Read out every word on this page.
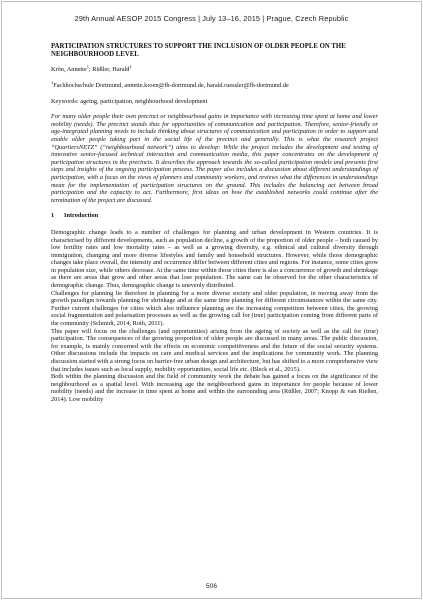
29th Annual AESOP 2015 Congress | July 13–16, 2015 | Prague, Czech Republic
PARTICIPATION STRUCTURES TO SUPPORT THE INCLUSION OF OLDER PEOPLE ON THE NEIGHBOURHOOD LEVEL
Krön, Annette$^1$; Rüßler, Harald$^1$
$^1$Fachhochschule Dortmund, annette.kroen@fh-dortmund.de, harald.ruessler@fh-dortmund.de
Keywords: ageing, participation, neighbourhood development
For many older people their own precinct or neighbourhood gains in importance with increasing time spent at home and lower mobility (needs). The precinct stands thus for opportunities of communication and participation. Therefore, senior-friendly or age-integrated planning needs to include thinking about structures of communication and participation in order to support and enable older people taking part in the social life of the precinct and generally. This is what the research project “QuartiersNETZ” (“neighbourhood network”) aims to develop: While the project includes the development and testing of innovative senior-focused technical interaction and communication media, this paper concentrates on the development of participation structures in the precincts. It describes the approach towards the so-called participation models and presents first steps and insights of the ongoing participation process. The paper also includes a discussion about different understandings of participation, with a focus on the views of planners and community workers, and reviews what the differences in understandings mean for the implementation of participation structures on the ground. This includes the balancing act between broad participation and the capacity to act. Furthermore, first ideas on how the established networks could continue after the termination of the project are discussed.
1 Introduction
Demographic change leads to a number of challenges for planning and urban development in Western countries. It is characterised by different developments, such as population decline, a growth of the proportion of older people – both caused by low fertility rates and low mortality rates – as well as a growing diversity, e.g. ethnical and cultural diversity through immigration, changing and more diverse lifestyles and family and household structures. However, while those demographic changes take place overall, the intensity and occurrence differ between different cities and regions. For instance, some cities grow in population size, while others decrease. At the same time within those cities there is also a concurrence of growth and shrinkage as there are areas that grow and other areas that lose population. The same can be observed for the other characteristics of demographic change. Thus, demographic change is unevenly distributed.
Challenges for planning lie therefore in planning for a more diverse society and older population, in moving away from the growth paradigm towards planning for shrinkage and at the same time planning for different circumstances within the same city. Further current challenges for cities which also influence planning are the increasing competition between cities, the growing social fragmentation and polarisation processes as well as the growing call for (true) participation coming from different parts of the community (Schmidt, 2014; Roth, 2011).
This paper will focus on the challenges (and opportunities) arising from the ageing of society as well as the call for (true) participation. The consequences of the growing proportion of older people are discussed in many areas. The public discussion, for example, is mainly concerned with the effects on economic competitiveness and the future of the social security systems. Other discussions include the impacts on care and medical services and the implications for community work. The planning discussion started with a strong focus on barrier-free urban design and architecture, but has shifted to a more comprehensive view that includes issues such as local supply, mobility opportunities, social life etc. (Bleck et al., 2015).
Both within the planning discussion and the field of community work the debate has gained a focus on the significance of the neighbourhood as a spatial level. With increasing age the neighbourhood gains in importance for people because of lower mobility (needs) and the increase in time spent at home and within the surrounding area (Rüßler, 2007; Knopp & van Rießen, 2014). Low mobility
506
